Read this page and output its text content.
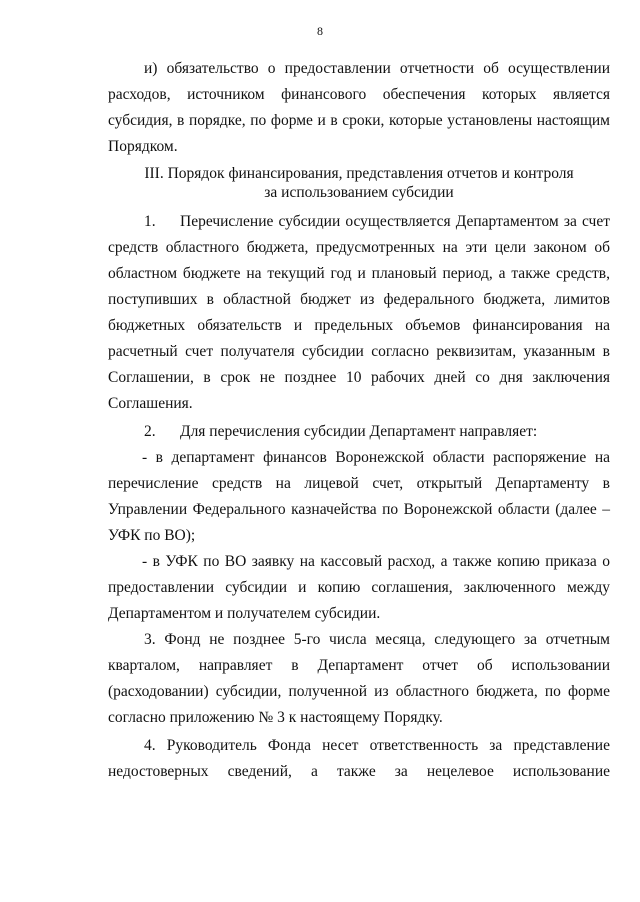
8
и) обязательство о предоставлении отчетности об осуществлении расходов, источником финансового обеспечения которых является субсидия, в порядке, по форме и в сроки, которые установлены настоящим Порядком.
III. Порядок финансирования, представления отчетов и контроля
за использованием субсидии
1. Перечисление субсидии осуществляется Департаментом за счет средств областного бюджета, предусмотренных на эти цели законом об областном бюджете на текущий год и плановый период, а также средств, поступивших в областной бюджет из федерального бюджета, лимитов бюджетных обязательств и предельных объемов финансирования на расчетный счет получателя субсидии согласно реквизитам, указанным в Соглашении, в срок не позднее 10 рабочих дней со дня заключения Соглашения.
2. Для перечисления субсидии Департамент направляет:
- в департамент финансов Воронежской области распоряжение на перечисление средств на лицевой счет, открытый Департаменту в Управлении Федерального казначейства по Воронежской области (далее – УФК по ВО);
- в УФК по ВО заявку на кассовый расход, а также копию приказа о предоставлении субсидии и копию соглашения, заключенного между Департаментом и получателем субсидии.
3. Фонд не позднее 5-го числа месяца, следующего за отчетным кварталом, направляет в Департамент отчет об использовании (расходовании) субсидии, полученной из областного бюджета, по форме согласно приложению № 3 к настоящему Порядку.
4. Руководитель Фонда несет ответственность за представление недостоверных сведений, а также за нецелевое использование
